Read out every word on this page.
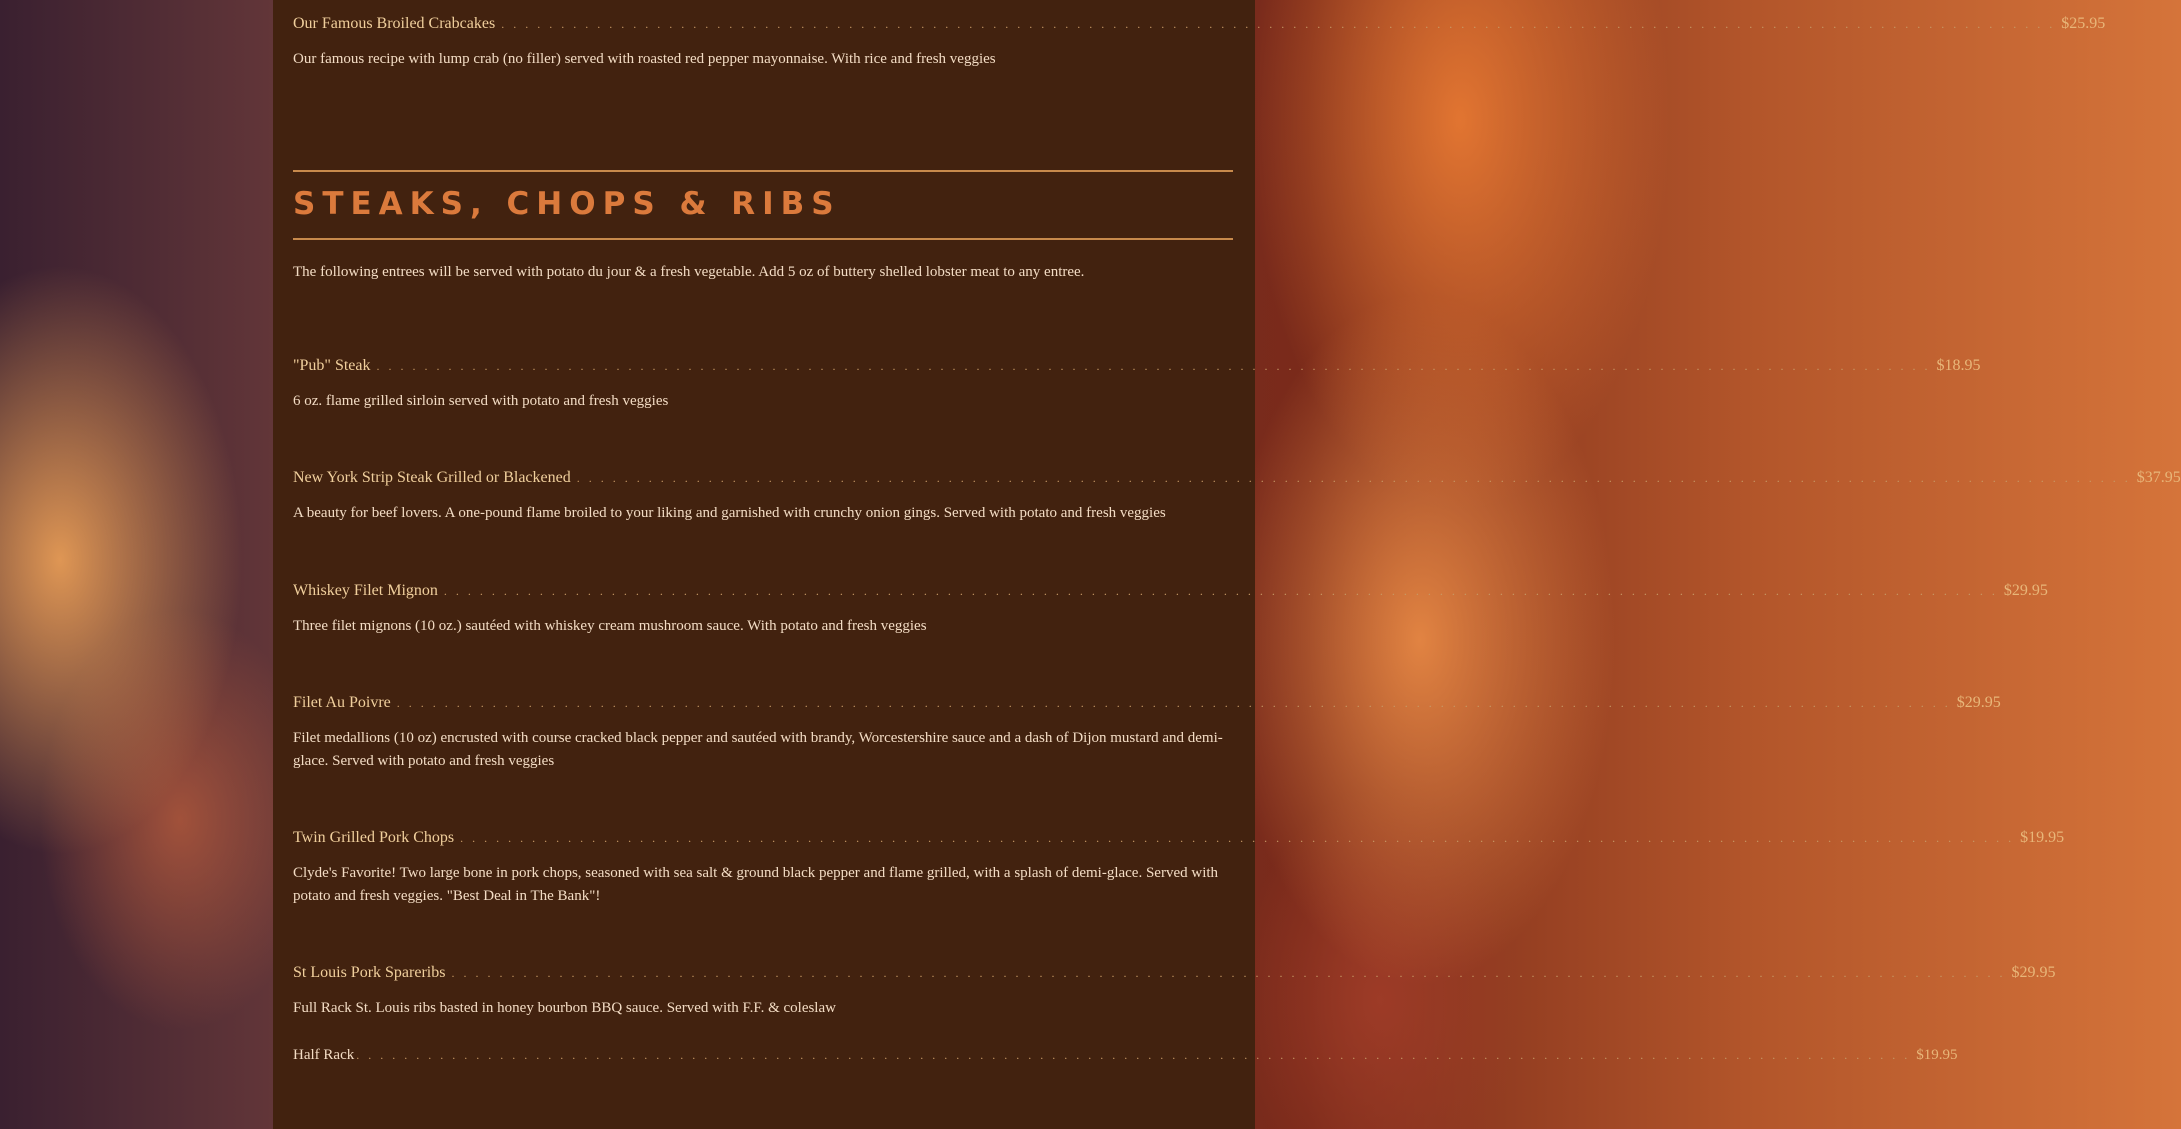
Our Famous Broiled Crabcakes . . . . . . . . . . . . . . . . . . . . . . . . . . . . . . . . . . . . . . . . . . . . . . . . . . . . . . . . . . . . . . . . . . . . . . . . . . . . . . . . . . . . . . . . . . . . . . . . . . . . . . . . . . . . . . . . . . . . . . . . . . . . . . . . . . $25.95
Our famous recipe with lump crab (no filler) served with roasted red pepper mayonnaise. With rice and fresh veggies
STEAKS, CHOPS & RIBS
The following entrees will be served with potato du jour & a fresh vegetable. Add 5 oz of buttery shelled lobster meat to any entree.
"Pub" Steak . . . . . . . . . . . . . . . . . . . . . . . . . . . . . . . . . . . . . . . . . . . . . . . . . . . . . . . . . . . . . . . . . . . . . . . . . . . . . . . . . . . . . . . . . . . . . . . . . . . . . . . . . . . . . . . . . . . . . . . . . . . . . . . . . . $18.95
6 oz. flame grilled sirloin served with potato and fresh veggies
New York Strip Steak Grilled or Blackened . . . . . . . . . . . . . . . . . . . . . . . . . . . . . . . . . . . . . . . . . . . . . . . . . . . . . . . . . . . . . . . . . . . . . . . . . . . . . . . . . . . . . . . . . . . . . . . . . . . . . . . . . . . . . . . . . . . . . . . . . . . . . . . . . . $37.95
A beauty for beef lovers. A one-pound flame broiled to your liking and garnished with crunchy onion gings. Served with potato and fresh veggies
Whiskey Filet Mignon . . . . . . . . . . . . . . . . . . . . . . . . . . . . . . . . . . . . . . . . . . . . . . . . . . . . . . . . . . . . . . . . . . . . . . . . . . . . . . . . . . . . . . . . . . . . . . . . . . . . . . . . . . . . . . . . . . . . . . . . . . . . . . . . . . $29.95
Three filet mignons (10 oz.) sautéed with whiskey cream mushroom sauce. With potato and fresh veggies
Filet Au Poivre . . . . . . . . . . . . . . . . . . . . . . . . . . . . . . . . . . . . . . . . . . . . . . . . . . . . . . . . . . . . . . . . . . . . . . . . . . . . . . . . . . . . . . . . . . . . . . . . . . . . . . . . . . . . . . . . . . . . . . . . . . . . . . . . . . $29.95
Filet medallions (10 oz) encrusted with course cracked black pepper and sautéed with brandy, Worcestershire sauce and a dash of Dijon mustard and demi-glace. Served with potato and fresh veggies
Twin Grilled Pork Chops . . . . . . . . . . . . . . . . . . . . . . . . . . . . . . . . . . . . . . . . . . . . . . . . . . . . . . . . . . . . . . . . . . . . . . . . . . . . . . . . . . . . . . . . . . . . . . . . . . . . . . . . . . . . . . . . . . . . . . . . . . . . . . . . . . $19.95
Clyde's Favorite! Two large bone in pork chops, seasoned with sea salt & ground black pepper and flame grilled, with a splash of demi-glace. Served with potato and fresh veggies. "Best Deal in The Bank"!
St Louis Pork Spareribs . . . . . . . . . . . . . . . . . . . . . . . . . . . . . . . . . . . . . . . . . . . . . . . . . . . . . . . . . . . . . . . . . . . . . . . . . . . . . . . . . . . . . . . . . . . . . . . . . . . . . . . . . . . . . . . . . . . . . . . . . . . . . . . . . . $29.95
Full Rack St. Louis ribs basted in honey bourbon BBQ sauce. Served with F.F. & coleslaw
Half Rack . . . . . . . . . . . . . . . . . . . . . . . . . . . . . . . . . . . . . . . . . . . . . . . . . . . . . . . . . . . . . . . . . . . . . . . . . . . . . . . . . . . . . . . . . . . . . . . . . . . . . . . . . . . . . . . . . . . . . . . . . . . . . . . . . . $19.95
